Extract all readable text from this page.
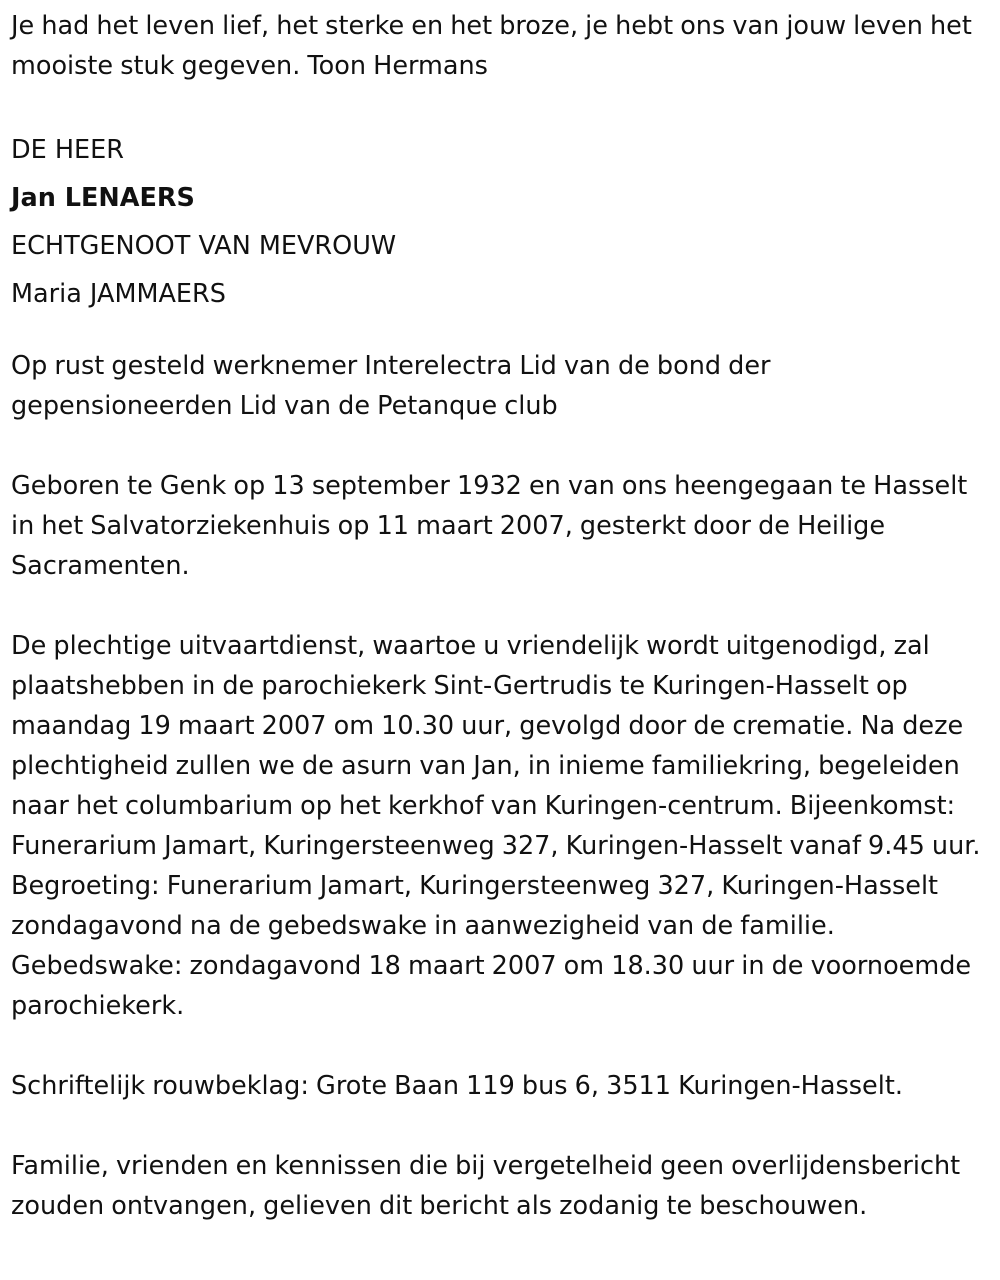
Je had het leven lief, het sterke en het broze, je hebt ons van jouw leven het mooiste stuk gegeven. Toon Hermans

DE HEER
Jan LENAERS
ECHTGENOOT VAN MEVROUW
Maria JAMMAERS

Op rust gesteld werknemer Interelectra Lid van de bond der gepensioneerden Lid van de Petanque club

Geboren te Genk op 13 september 1932 en van ons heengegaan te Hasselt in het Salvatorziekenhuis op 11 maart 2007, gesterkt door de Heilige Sacramenten.

De plechtige uitvaartdienst, waartoe u vriendelijk wordt uitgenodigd, zal plaatshebben in de parochiekerk Sint-Gertrudis te Kuringen-Hasselt op maandag 19 maart 2007 om 10.30 uur, gevolgd door de crematie. Na deze plechtigheid zullen we de asurn van Jan, in inieme familiekring, begeleiden naar het columbarium op het kerkhof van Kuringen-centrum. Bijeenkomst: Funerarium Jamart, Kuringersteenweg 327, Kuringen-Hasselt vanaf 9.45 uur. Begroeting: Funerarium Jamart, Kuringersteenweg 327, Kuringen-Hasselt zondagavond na de gebedswake in aanwezigheid van de familie. Gebedswake: zondagavond 18 maart 2007 om 18.30 uur in de voornoemde parochiekerk.

Schriftelijk rouwbeklag: Grote Baan 119 bus 6, 3511 Kuringen-Hasselt.

Familie, vrienden en kennissen die bij vergetelheid geen overlijdensbericht zouden ontvangen, gelieven dit bericht als zodanig te beschouwen.
